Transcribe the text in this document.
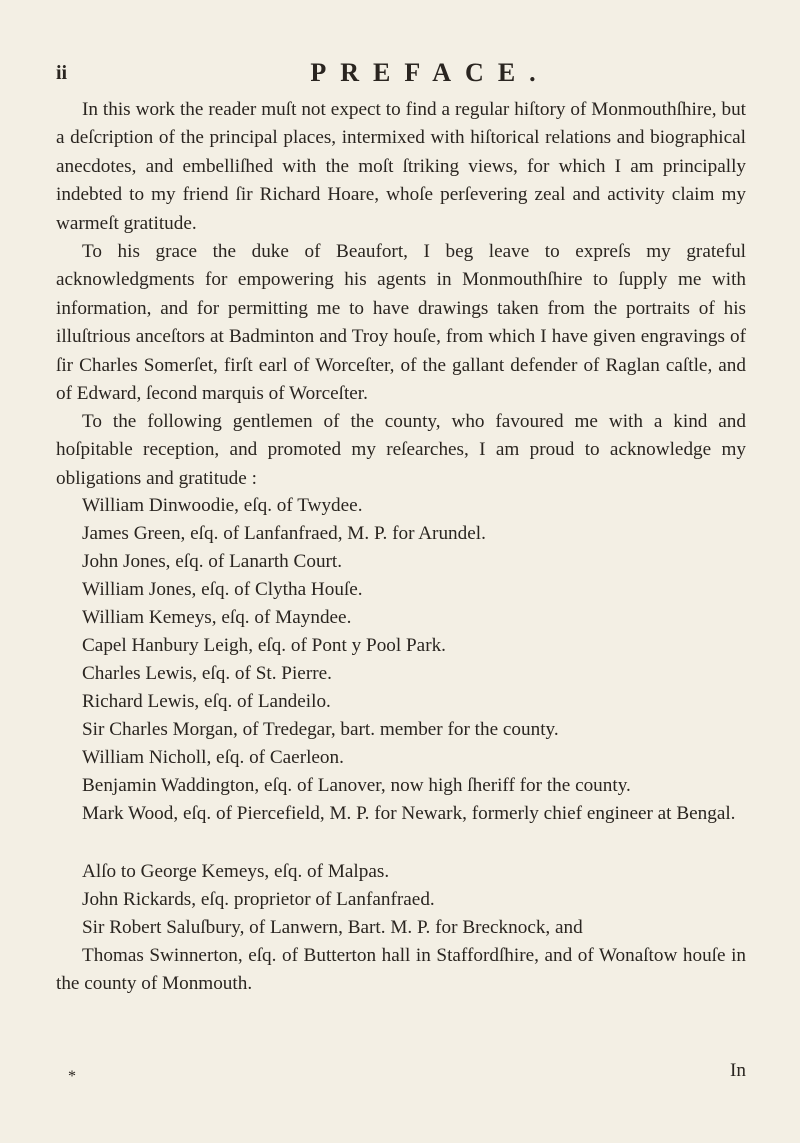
ii	PREFACE.

In this work the reader muſt not expect to find a regular hiſtory of Monmouthſhire, but a deſcription of the principal places, intermixed with hiſtorical relations and biographical anecdotes, and embelliſhed with the moſt ſtriking views, for which I am principally indebted to my friend ſir Richard Hoare, whoſe perſevering zeal and activity claim my warmeſt gratitude.

To his grace the duke of Beaufort, I beg leave to expreſs my grateful acknowledgments for empowering his agents in Monmouthſhire to ſupply me with information, and for permitting me to have drawings taken from the portraits of his illuſtrious anceſtors at Badminton and Troy houſe, from which I have given engravings of ſir Charles Somerſet, firſt earl of Worceſter, of the gallant defender of Raglan caſtle, and of Edward, ſecond marquis of Worceſter.

To the following gentlemen of the county, who favoured me with a kind and hoſpitable reception, and promoted my reſearches, I am proud to acknowledge my obligations and gratitude :

William Dinwoodie, eſq. of Twydee.

James Green, eſq. of Lanfanfraed, M. P. for Arundel.

John Jones, eſq. of Lanarth Court.

William Jones, eſq. of Clytha Houſe.

William Kemeys, eſq. of Mayndee.

Capel Hanbury Leigh, eſq. of Pont y Pool Park.

Charles Lewis, eſq. of St. Pierre.

Richard Lewis, eſq. of Landeilo.

Sir Charles Morgan, of Tredegar, bart. member for the county.

William Nicholl, eſq. of Caerleon.

Benjamin Waddington, eſq. of Lanover, now high ſheriff for the county.

Mark Wood, eſq. of Piercefield, M. P. for Newark, formerly chief engineer at Bengal.

Alſo to George Kemeys, eſq. of Malpas.

John Rickards, eſq. proprietor of Lanfanfraed.

Sir Robert Saluſbury, of Lanwern, Bart. M. P. for Brecknock, and

Thomas Swinnerton, eſq. of Butterton hall in Staffordſhire, and of Wonaſtow houſe in the county of Monmouth.

*	In
